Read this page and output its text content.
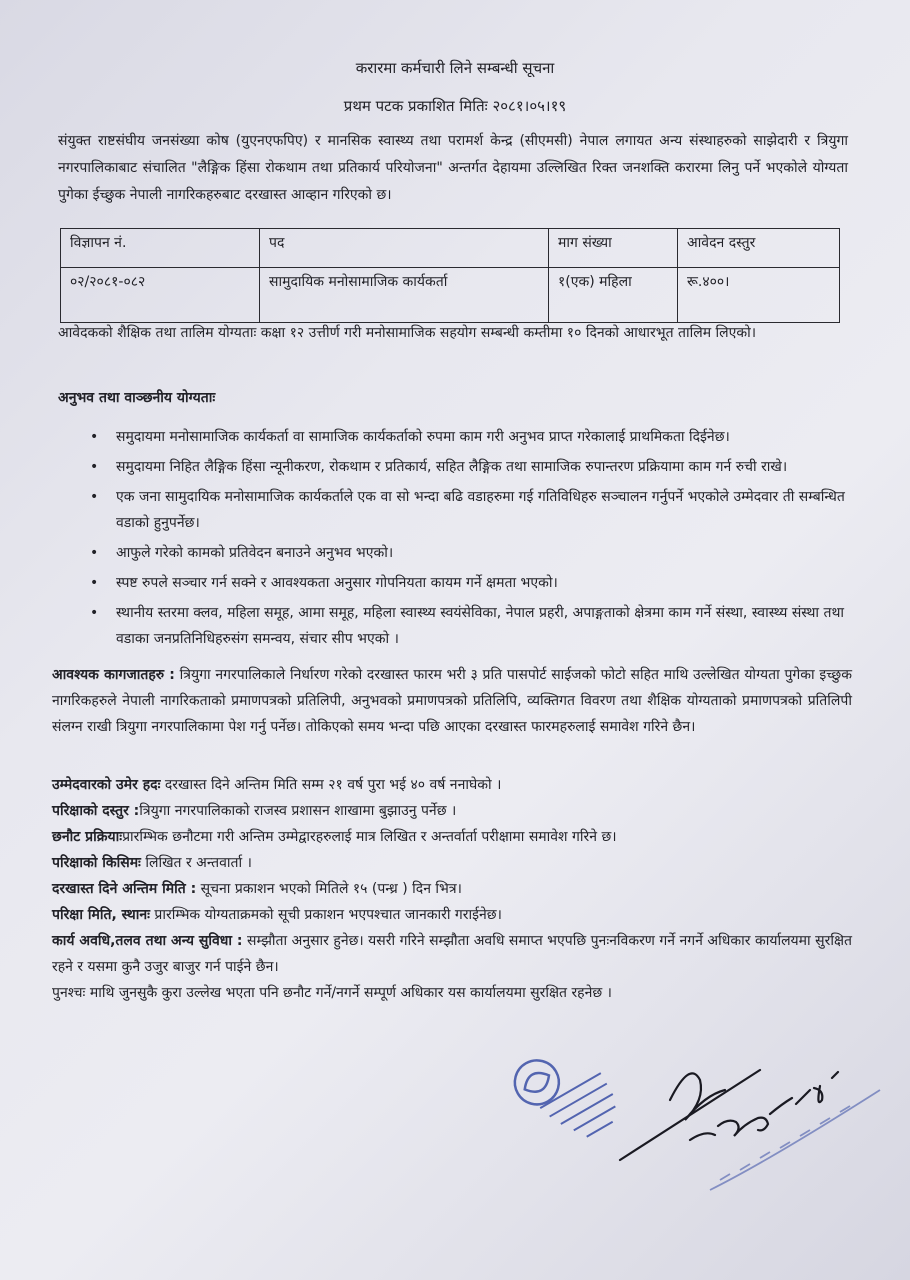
करारमा कर्मचारी लिने सम्बन्धी सूचना
प्रथम पटक प्रकाशित मितिः २०८१।०५।१९
संयुक्त राष्टसंघीय जनसंख्या कोष (युएनएफपिए) र मानसिक स्वास्थ्य तथा परामर्श केन्द्र (सीएमसी) नेपाल लगायत अन्य संस्थाहरुको साझेदारी र त्रियुगा नगरपालिकाबाट संचालित "लैङ्गिक हिंसा रोकथाम तथा प्रतिकार्य परियोजना" अन्तर्गत देहायमा उल्लिखित रिक्त जनशक्ति करारमा लिनु पर्ने भएकोले योग्यता पुगेका ईच्छुक नेपाली नागरिकहरुबाट दरखास्त आव्हान गरिएको छ।
विज्ञापन नं.	पद	माग संख्या	आवेदन दस्तुर
०२/२०८१-०८२	सामुदायिक मनोसामाजिक कार्यकर्ता	१(एक) महिला	रू.४००।
आवेदकको शैक्षिक तथा तालिम योग्यताः कक्षा १२ उत्तीर्ण गरी मनोसामाजिक सहयोग सम्बन्धी कम्तीमा १० दिनको आधारभूत तालिम लिएको।
अनुभव तथा वाञ्छनीय योग्यताः
• समुदायमा मनोसामाजिक कार्यकर्ता वा सामाजिक कार्यकर्ताको रुपमा काम गरी अनुभव प्राप्त गरेकालाई प्राथमिकता दिईनेछ।
• समुदायमा निहित लैङ्गिक हिंसा न्यूनीकरण, रोकथाम र प्रतिकार्य, सहित लैङ्गिक तथा सामाजिक रुपान्तरण प्रक्रियामा काम गर्न रुची राखे।
• एक जना सामुदायिक मनोसामाजिक कार्यकर्ताले एक वा सो भन्दा बढि वडाहरुमा गई गतिविधिहरु सञ्चालन गर्नुपर्ने भएकोले उम्मेदवार ती सम्बन्धित वडाको हुनुपर्नेछ।
• आफुले गरेको कामको प्रतिवेदन बनाउने अनुभव भएको।
• स्पष्ट रुपले सञ्चार गर्न सक्ने र आवश्यकता अनुसार गोपनियता कायम गर्ने क्षमता भएको।
• स्थानीय स्तरमा क्लव, महिला समूह, आमा समूह, महिला स्वास्थ्य स्वयंसेविका, नेपाल प्रहरी, अपाङ्गताको क्षेत्रमा काम गर्ने संस्था, स्वास्थ्य संस्था तथा वडाका जनप्रतिनिधिहरुसंग समन्वय, संचार सीप भएको ।
आवश्यक कागजातहरु : त्रियुगा नगरपालिकाले निर्धारण गरेको दरखास्त फारम भरी ३ प्रति पासपोर्ट साईजको फोटो सहित माथि उल्लेखित योग्यता पुगेका इच्छुक नागरिकहरुले नेपाली नागरिकताको प्रमाणपत्रको प्रतिलिपी, अनुभवको प्रमाणपत्रको प्रतिलिपि, व्यक्तिगत विवरण तथा शैक्षिक योग्यताको प्रमाणपत्रको प्रतिलिपी संलग्न राखी त्रियुगा नगरपालिकामा पेश गर्नु पर्नेछ। तोकिएको समय भन्दा पछि आएका दरखास्त फारमहरुलाई समावेश गरिने छैन।
उम्मेदवारको उमेर हदः दरखास्त दिने अन्तिम मिति सम्म २१ वर्ष पुरा भई ४० वर्ष ननाघेको ।
परिक्षाको दस्तुर :त्रियुगा नगरपालिकाको राजस्व प्रशासन शाखामा बुझाउनु पर्नेछ ।
छनौट प्रक्रियाःप्रारम्भिक छनौटमा गरी अन्तिम उम्मेद्वारहरुलाई मात्र लिखित र अन्तर्वार्ता परीक्षामा समावेश गरिने छ।
परिक्षाको किसिमः लिखित र अन्तवार्ता ।
दरखास्त दिने अन्तिम मिति : सूचना प्रकाशन भएको मितिले १५ (पन्ध्र ) दिन भित्र।
परिक्षा मिति, स्थानः प्रारम्भिक योग्यताक्रमको सूची प्रकाशन भएपश्चात जानकारी गराईनेछ।
कार्य अवधि,तलव तथा अन्य सुविधा : सम्झौता अनुसार हुनेछ। यसरी गरिने सम्झौता अवधि समाप्त भएपछि पुनःनविकरण गर्ने नगर्ने अधिकार कार्यालयमा सुरक्षित रहने र यसमा कुनै उजुर बाजुर गर्न पाईने छैन।
पुनश्चः माथि जुनसुकै कुरा उल्लेख भएता पनि छनौट गर्ने/नगर्ने सम्पूर्ण अधिकार यस कार्यालयमा सुरक्षित रहनेछ ।
